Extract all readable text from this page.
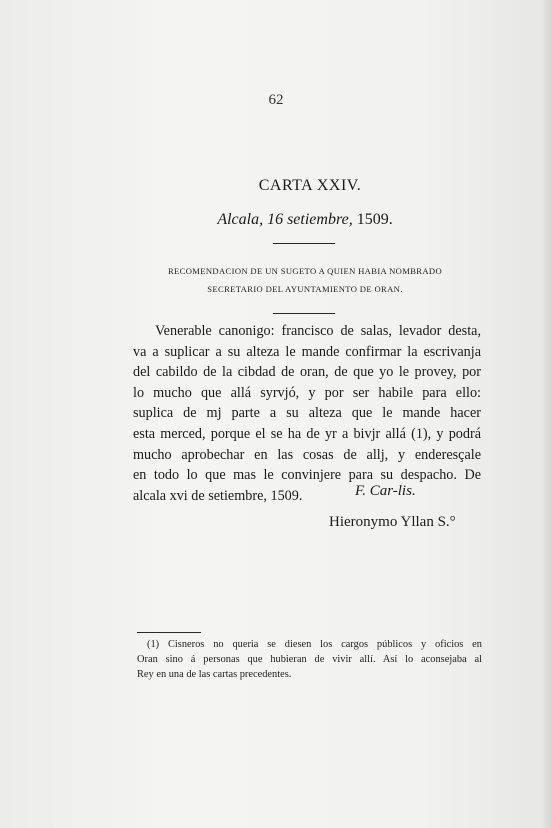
62
CARTA XXIV.
Alcala, 16 setiembre, 1509.
RECOMENDACION DE UN SUGETO A QUIEN HABIA NOMBRADO
SECRETARIO DEL AYUNTAMIENTO DE ORAN.
Venerable canonigo: francisco de salas, levador desta,
va a suplicar a su alteza le mande confirmar la escrivanja
del cabildo de la cibdad de oran, de que yo le provey, por
lo mucho que allá syrvjó, y por ser habile para ello:
suplica de mj parte a su alteza que le mande hacer
esta merced, porque el se ha de yr a bivjr allá (1), y podrá
mucho aprobechar en las cosas de allj, y enderesçale
en todo lo que mas le convinjere para su despacho. De
alcala xvi de setiembre, 1509.	F. Car-lis.
Hieronymo Yllan S.°
(1) Cisneros no queria se diesen los cargos públicos y oficios en
Oran sino á personas que hubieran de vivir allí. Así lo aconsejaba al
Rey en una de las cartas precedentes.
